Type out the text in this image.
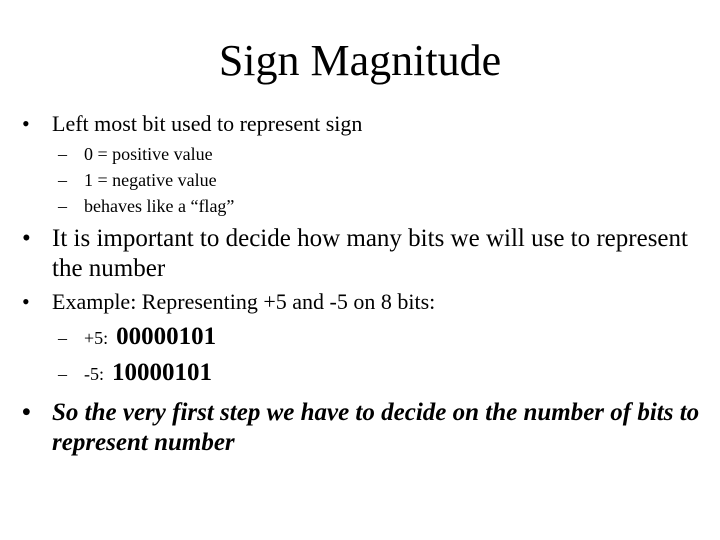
Sign Magnitude
•	Left most bit used to represent sign
– 0 = positive value
– 1 = negative value
– behaves like a “flag”
• It is important to decide how many bits we will use to represent the number
•	Example: Representing +5 and -5 on 8 bits:
– +5: 00000101
– -5: 10000101
• So the very first step we have to decide on the number of bits to represent number
